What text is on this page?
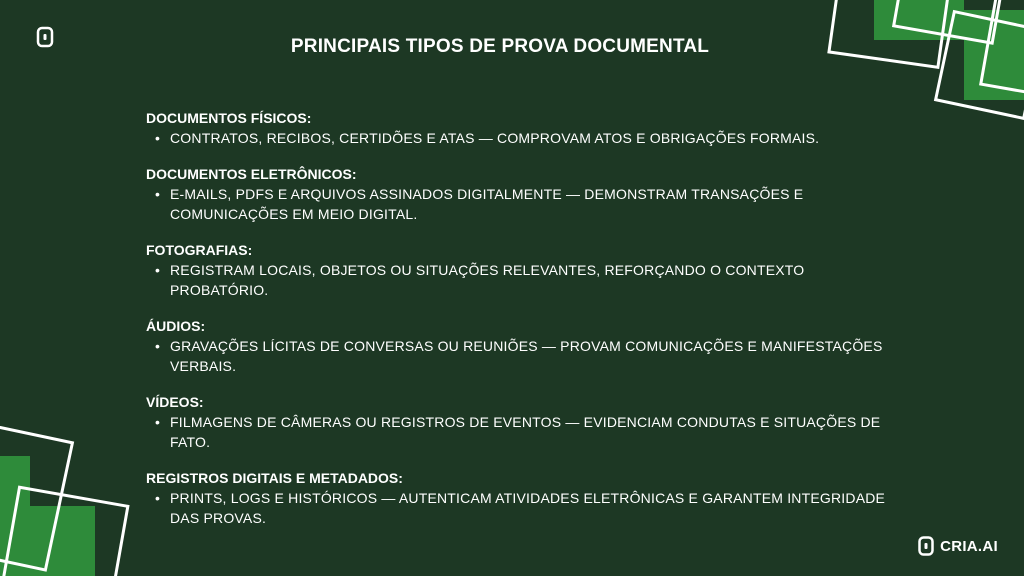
PRINCIPAIS TIPOS DE PROVA DOCUMENTAL

DOCUMENTOS FÍSICOS:

• CONTRATOS, RECIBOS, CERTIDÕES E ATAS — COMPROVAM ATOS E OBRIGAÇÕES FORMAIS.

DOCUMENTOS ELETRÔNICOS:

• E-MAILS, PDFS E ARQUIVOS ASSINADOS DIGITALMENTE — DEMONSTRAM TRANSAÇÕES E COMUNICAÇÕES EM MEIO DIGITAL.

FOTOGRAFIAS:

• REGISTRAM LOCAIS, OBJETOS OU SITUAÇÕES RELEVANTES, REFORÇANDO O CONTEXTO PROBATÓRIO.

ÁUDIOS:

• GRAVAÇÕES LÍCITAS DE CONVERSAS OU REUNIÕES — PROVAM COMUNICAÇÕES E MANIFESTAÇÕES VERBAIS.

VÍDEOS:

• FILMAGENS DE CÂMERAS OU REGISTROS DE EVENTOS — EVIDENCIAM CONDUTAS E SITUAÇÕES DE FATO.

REGISTROS DIGITAIS E METADADOS:

• PRINTS, LOGS E HISTÓRICOS — AUTENTICAM ATIVIDADES ELETRÔNICAS E GARANTEM INTEGRIDADE DAS PROVAS.
CRIA.AI
